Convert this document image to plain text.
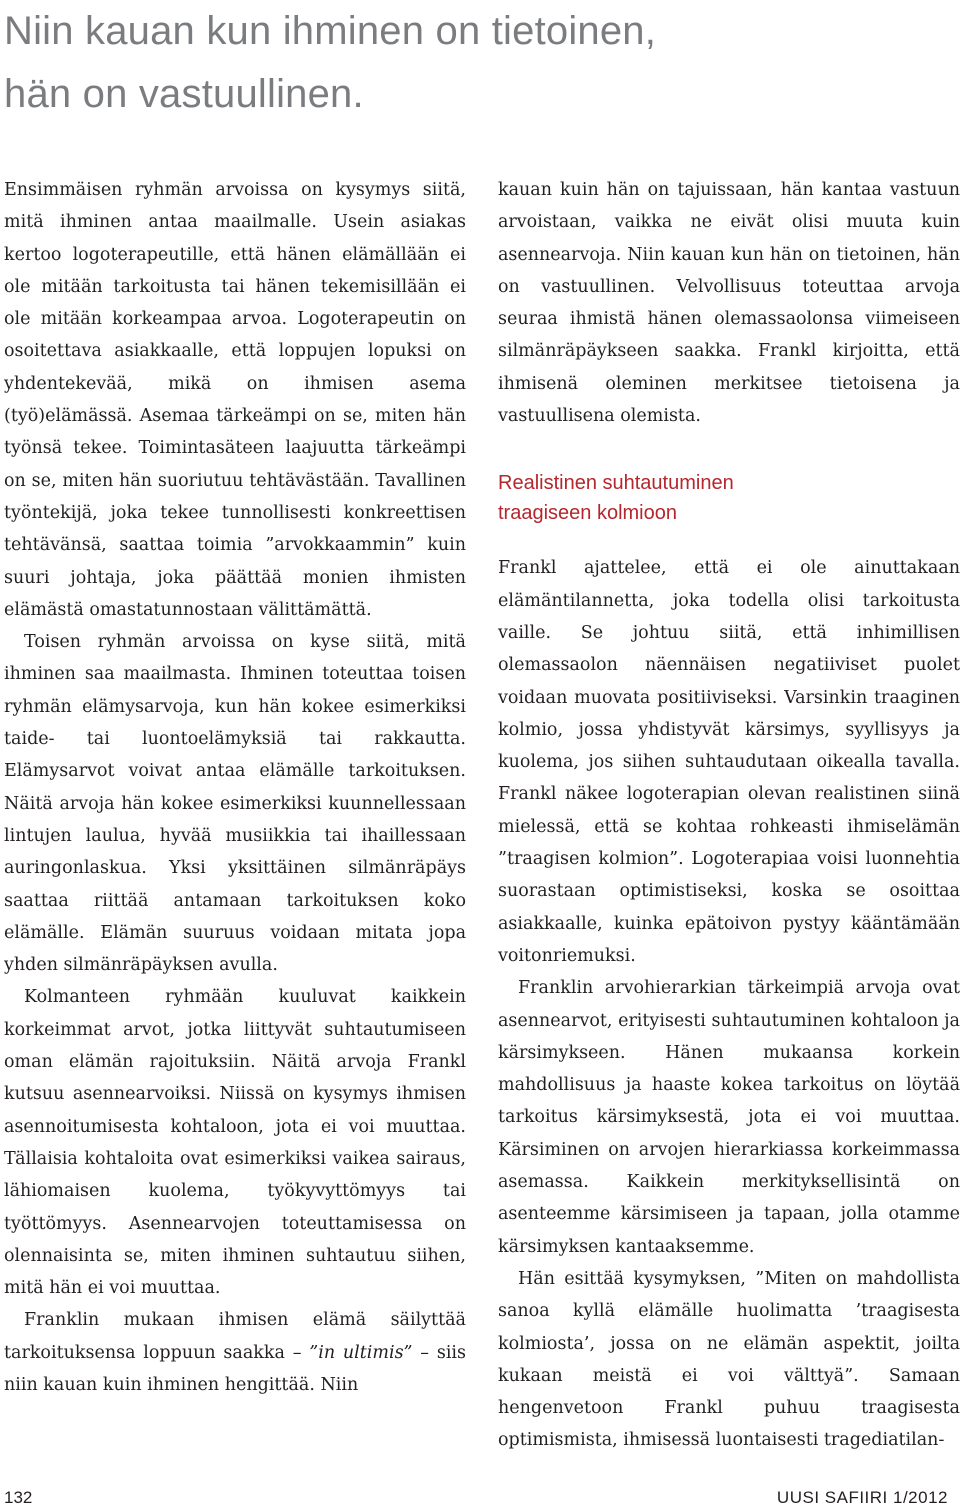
Niin kauan kun ihminen on tietoinen,
hän on vastuullinen.

Ensimmäisen ryhmän arvoissa on kysymys siitä, mitä ihminen antaa maailmalle. Usein asiakas kertoo logoterapeutille, että hänen elämällään ei ole mitään tarkoitusta tai hänen tekemisillään ei ole mitään korkeampaa arvoa. Logoterapeutin on osoitettava asiakkaalle, että loppujen lopuksi on yhdentekevää, mikä on ihmisen asema (työ)elämässä. Asemaa tärkeämpi on se, miten hän työnsä tekee. Toimintasäteen laajuutta tärkeämpi on se, miten hän suoriutuu tehtävästään. Tavallinen työntekijä, joka tekee tunnollisesti konkreettisen tehtävänsä, saattaa toimia ”arvokkaammin” kuin suuri johtaja, joka päättää monien ihmisten elämästä omastatunnostaan välittämättä.

Toisen ryhmän arvoissa on kyse siitä, mitä ihminen saa maailmasta. Ihminen toteuttaa toisen ryhmän elämysarvoja, kun hän kokee esimerkiksi taide- tai luontoelämyksiä tai rakkautta. Elämysarvot voivat antaa elämälle tarkoituksen. Näitä arvoja hän kokee esimerkiksi kuunnellessaan lintujen laulua, hyvää musiikkia tai ihaillessaan auringonlaskua. Yksi yksittäinen silmänräpäys saattaa riittää antamaan tarkoituksen koko elämälle. Elämän suuruus voidaan mitata jopa yhden silmänräpäyksen avulla.

Kolmanteen ryhmään kuuluvat kaikkein korkeimmat arvot, jotka liittyvät suhtautumiseen oman elämän rajoituksiin. Näitä arvoja Frankl kutsuu asennearvoiksi. Niissä on kysymys ihmisen asennoitumisesta kohtaloon, jota ei voi muuttaa. Tällaisia kohtaloita ovat esimerkiksi vaikea sairaus, lähiomaisen kuolema, työkyvyttömyys tai työttömyys. Asennearvojen toteuttamisessa on olennaisinta se, miten ihminen suhtautuu siihen, mitä hän ei voi muuttaa.

Franklin mukaan ihmisen elämä säilyttää tarkoituksensa loppuun saakka – ”in ultimis” – siis niin kauan kuin ihminen hengittää. Niin

kauan kuin hän on tajuissaan, hän kantaa vastuun arvoistaan, vaikka ne eivät olisi muuta kuin asennearvoja. Niin kauan kun hän on tietoinen, hän on vastuullinen. Velvollisuus toteuttaa arvoja seuraa ihmistä hänen olemassaolonsa viimeiseen silmänräpäykseen saakka. Frankl kirjoitta, että ihmisenä oleminen merkitsee tietoisena ja vastuullisena olemista.

Realistinen suhtautuminen
traagiseen kolmioon

Frankl ajattelee, että ei ole ainuttakaan elämäntilannetta, joka todella olisi tarkoitusta vaille. Se johtuu siitä, että inhimillisen olemassaolon näennäisen negatiiviset puolet voidaan muovata positiiviseksi. Varsinkin traaginen kolmio, jossa yhdistyvät kärsimys, syyllisyys ja kuolema, jos siihen suhtaudutaan oikealla tavalla. Frankl näkee logoterapian olevan realistinen siinä mielessä, että se kohtaa rohkeasti ihmiselämän ”traagisen kolmion”. Logoterapiaa voisi luonnehtia suorastaan optimistiseksi, koska se osoittaa asiakkaalle, kuinka epätoivon pystyy kääntämään voitonriemuksi.

Franklin arvohierarkian tärkeimpiä arvoja ovat asennearvot, erityisesti suhtautuminen kohtaloon ja kärsimykseen. Hänen mukaansa korkein mahdollisuus ja haaste kokea tarkoitus on löytää tarkoitus kärsimyksestä, jota ei voi muuttaa. Kärsiminen on arvojen hierarkiassa korkeimmassa asemassa. Kaikkein merkityksellisintä on asenteemme kärsimiseen ja tapaan, jolla otamme kärsimyksen kantaaksemme.

Hän esittää kysymyksen, ”Miten on mahdollista sanoa kyllä elämälle huolimatta ’traagisesta kolmiosta’, jossa on ne elämän aspektit, joilta kukaan meistä ei voi välttyä”. Samaan hengenvetoon Frankl puhuu traagisesta optimismista, ihmisessä luontaisesti tragediatilan-

132	UUSI SAFIIRI 1/2012
